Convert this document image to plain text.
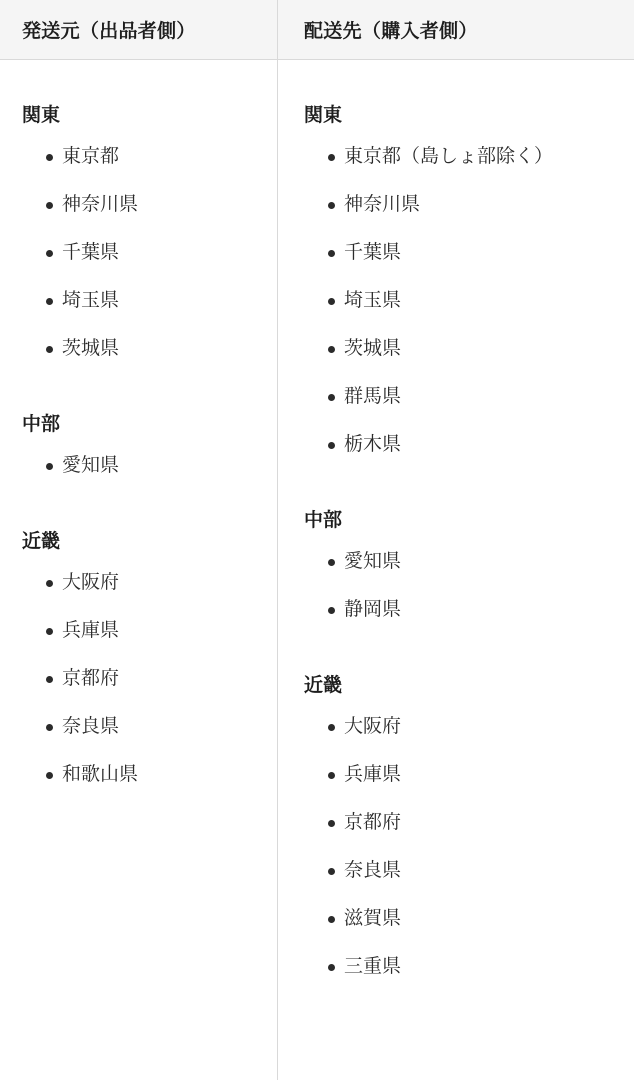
発送元（出品者側）
関東
東京都
神奈川県
千葉県
埼玉県
茨城県
中部
愛知県
近畿
大阪府
兵庫県
京都府
奈良県
和歌山県
配送先（購入者側）
関東
東京都（島しょ部除く）
神奈川県
千葉県
埼玉県
茨城県
群馬県
栃木県
中部
愛知県
静岡県
近畿
大阪府
兵庫県
京都府
奈良県
滋賀県
三重県
